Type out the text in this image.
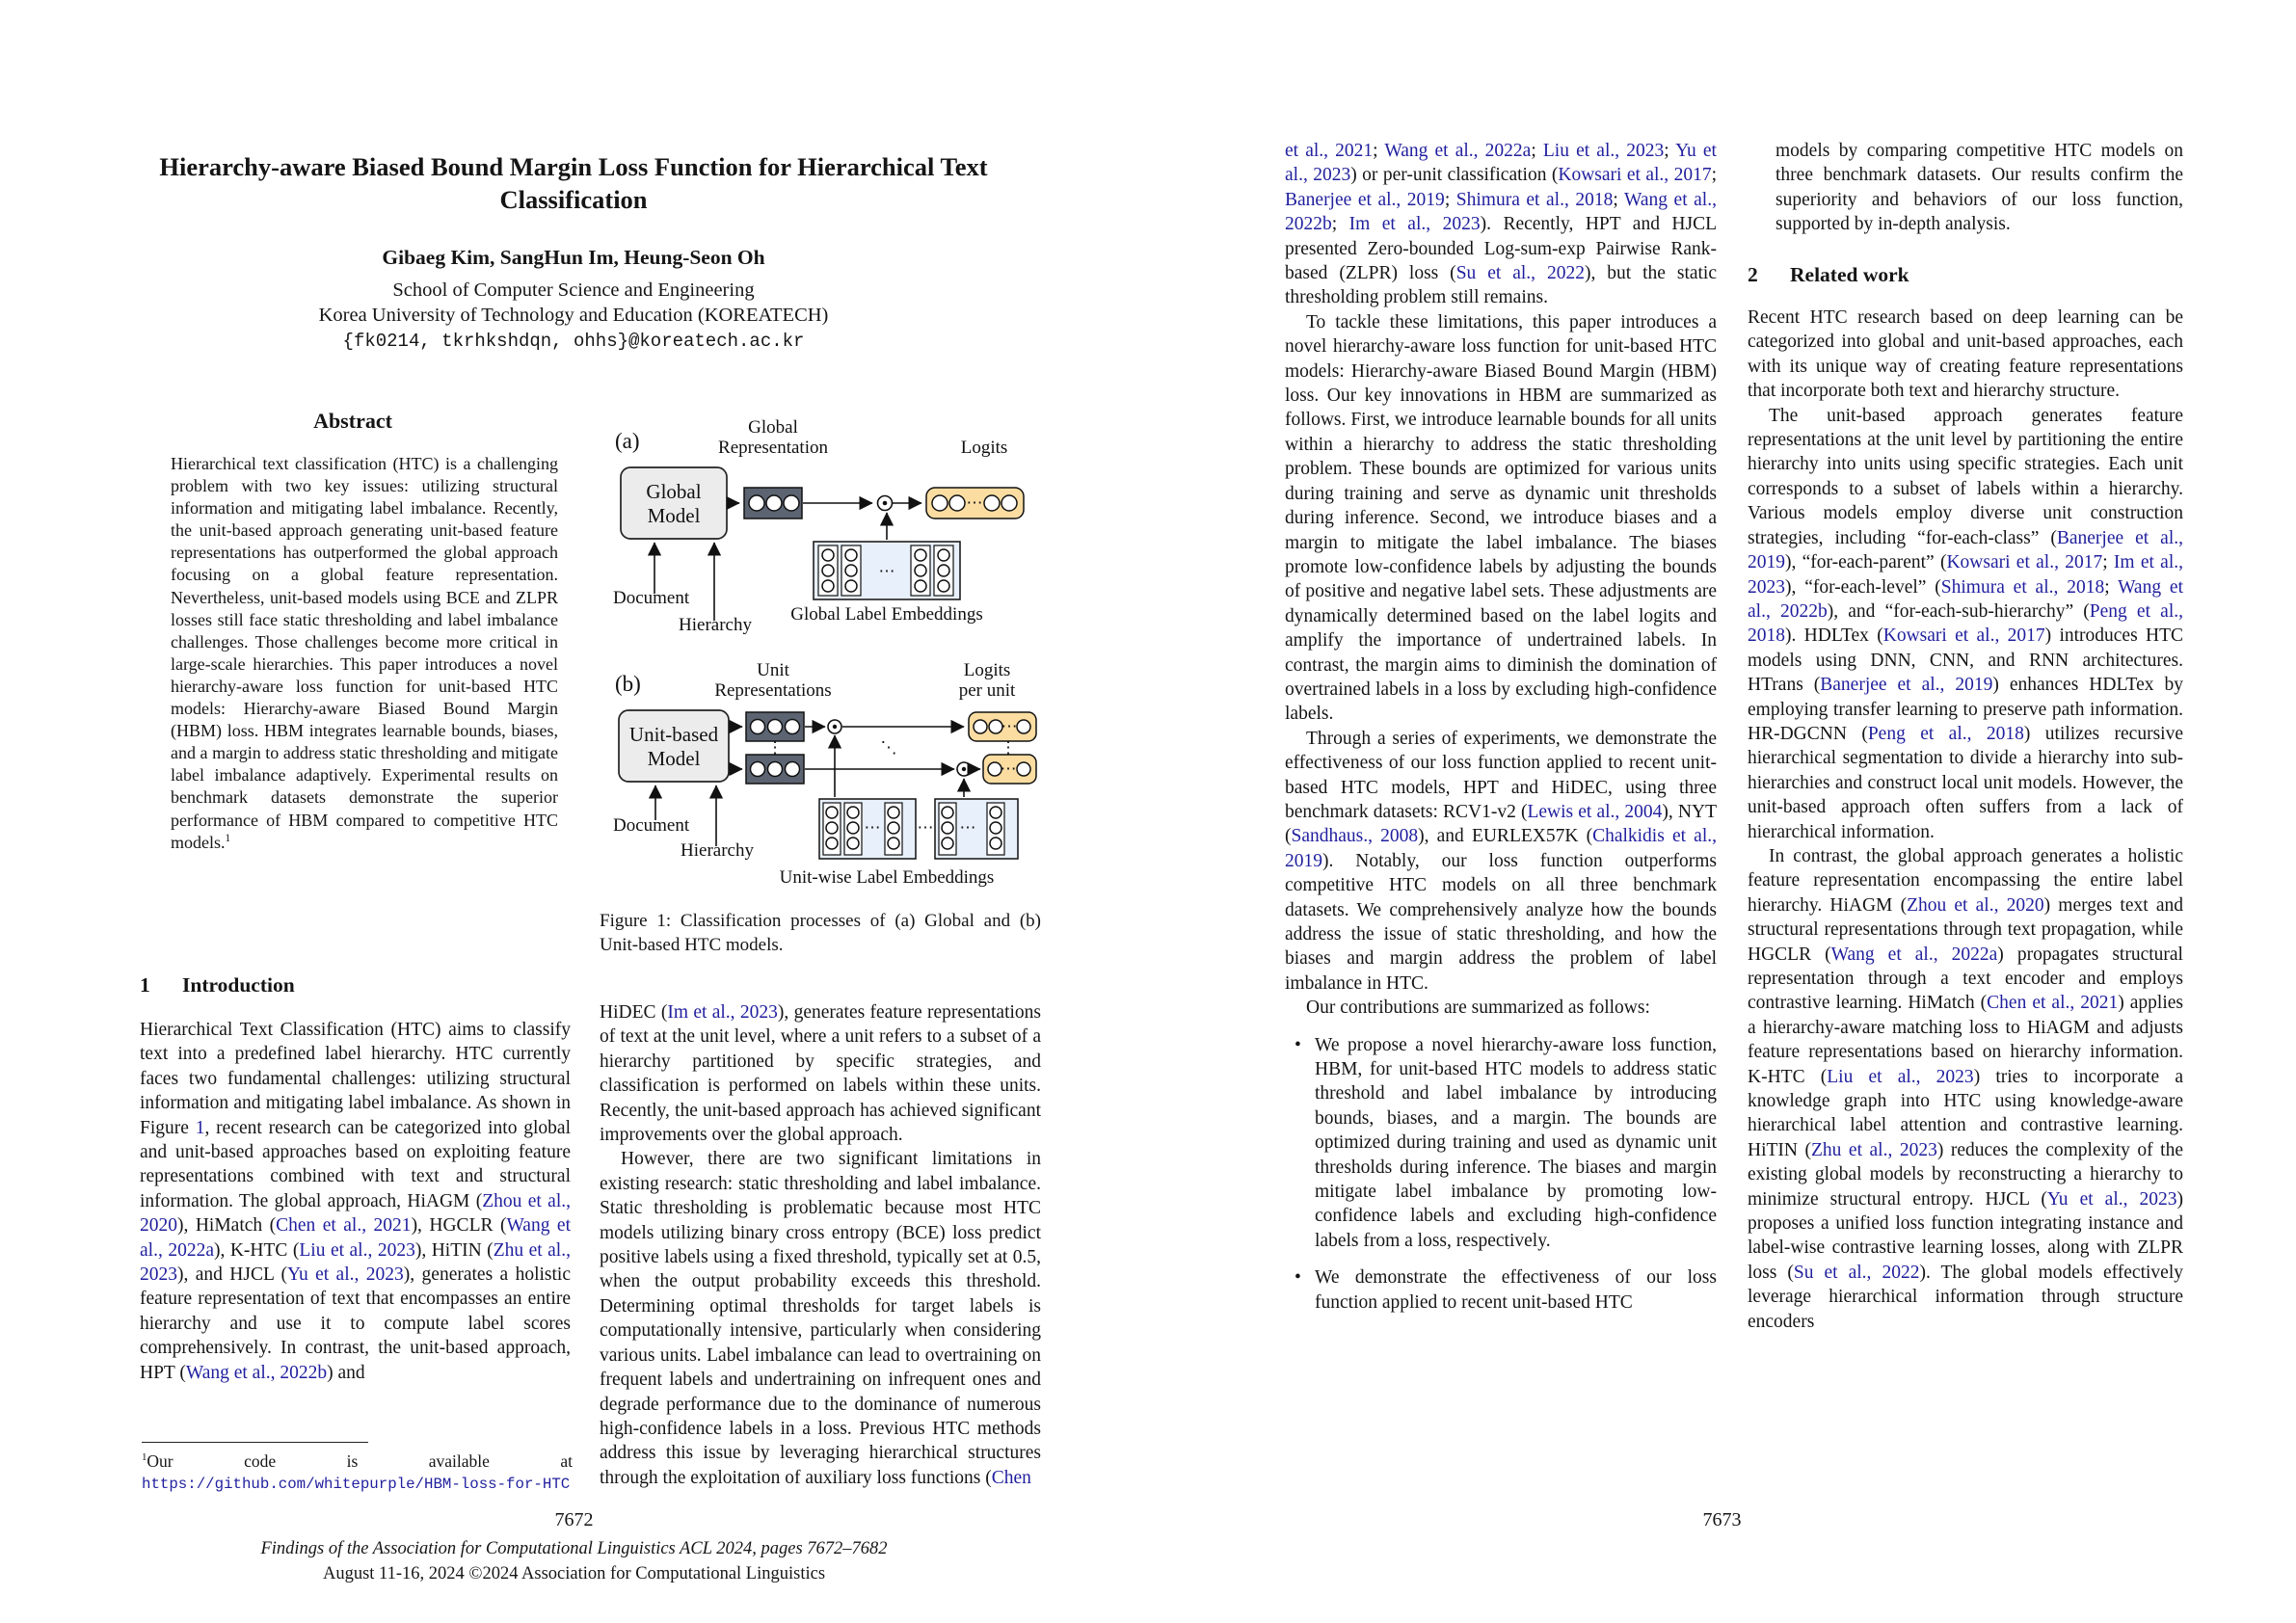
Hierarchy-aware Biased Bound Margin Loss Function for Hierarchical Text Classification
Gibaeg Kim, SangHun Im, Heung-Seon Oh
School of Computer Science and Engineering
Korea University of Technology and Education (KOREATECH)
{fk0214, tkrhkshdqn, ohhs}@koreatech.ac.kr
Abstract

Hierarchical text classification (HTC) is a challenging problem with two key issues: utilizing structural information and mitigating label imbalance. Recently, the unit-based approach generating unit-based feature representations has outperformed the global approach focusing on a global feature representation. Nevertheless, unit-based models using BCE and ZLPR losses still face static thresholding and label imbalance challenges. Those challenges become more critical in large-scale hierarchies. This paper introduces a novel hierarchy-aware loss function for unit-based HTC models: Hierarchy-aware Biased Bound Margin (HBM) loss. HBM integrates learnable bounds, biases, and a margin to address static thresholding and mitigate label imbalance adaptively. Experimental results on benchmark datasets demonstrate the superior performance of HBM compared to competitive HTC models.$^1$

1 Introduction

Hierarchical Text Classification (HTC) aims to classify text into a predefined label hierarchy. HTC currently faces two fundamental challenges: utilizing structural information and mitigating label imbalance. As shown in Figure 1, recent research can be categorized into global and unit-based approaches based on exploiting feature representations combined with text and structural information. The global approach, HiAGM (Zhou et al., 2020), HiMatch (Chen et al., 2021), HGCLR (Wang et al., 2022a), K-HTC (Liu et al., 2023), HiTIN (Zhu et al., 2023), and HJCL (Yu et al., 2023), generates a holistic feature representation of text that encompasses an entire hierarchy and use it to compute label scores comprehensively. In contrast, the unit-based approach, HPT (Wang et al., 2022b) and

$^1$Our code is available at https://github.com/whitepurple/HBM-loss-for-HTC

(a)
Global
Representation	Logits
Global
Model
⋯
⋯
Global Label Embeddings
Document
Hierarchy
(b)
Unit
Representations
Logits
per unit
Unit-based
Model	⋮
⋯
⋱
⋯
⋮
⋯ ⋯ ⋯
Unit-wise Label Embeddings
Document
Hierarchy

Figure 1: Classification processes of (a) Global and (b) Unit-based HTC models.

HiDEC (Im et al., 2023), generates feature representations of text at the unit level, where a unit refers to a subset of a hierarchy partitioned by specific strategies, and classification is performed on labels within these units. Recently, the unit-based approach has achieved significant improvements over the global approach.

However, there are two significant limitations in existing research: static thresholding and label imbalance. Static thresholding is problematic because most HTC models utilizing binary cross entropy (BCE) loss predict positive labels using a fixed threshold, typically set at 0.5, when the output probability exceeds this threshold. Determining optimal thresholds for target labels is computationally intensive, particularly when considering various units. Label imbalance can lead to overtraining on frequent labels and undertraining on infrequent ones and degrade performance due to the dominance of numerous high-confidence labels in a loss. Previous HTC methods address this issue by leveraging hierarchical structures through the exploitation of auxiliary loss functions (Chen

7672
Findings of the Association for Computational Linguistics ACL 2024, pages 7672–7682
August 11-16, 2024 ©2024 Association for Computational Linguistics

et al., 2021; Wang et al., 2022a; Liu et al., 2023; Yu et al., 2023) or per-unit classification (Kowsari et al., 2017; Banerjee et al., 2019; Shimura et al., 2018; Wang et al., 2022b; Im et al., 2023). Recently, HPT and HJCL presented Zero-bounded Log-sum-exp Pairwise Rank-based (ZLPR) loss (Su et al., 2022), but the static thresholding problem still remains.

To tackle these limitations, this paper introduces a novel hierarchy-aware loss function for unit-based HTC models: Hierarchy-aware Biased Bound Margin (HBM) loss. Our key innovations in HBM are summarized as follows. First, we introduce learnable bounds for all units within a hierarchy to address the static thresholding problem. These bounds are optimized for various units during training and serve as dynamic unit thresholds during inference. Second, we introduce biases and a margin to mitigate the label imbalance. The biases promote low-confidence labels by adjusting the bounds of positive and negative label sets. These adjustments are dynamically determined based on the label logits and amplify the importance of undertrained labels. In contrast, the margin aims to diminish the domination of overtrained labels in a loss by excluding high-confidence labels.

Through a series of experiments, we demonstrate the effectiveness of our loss function applied to recent unit-based HTC models, HPT and HiDEC, using three benchmark datasets: RCV1-v2 (Lewis et al., 2004), NYT (Sandhaus., 2008), and EURLEX57K (Chalkidis et al., 2019). Notably, our loss function outperforms competitive HTC models on all three benchmark datasets. We comprehensively analyze how the bounds address the issue of static thresholding, and how the biases and margin address the problem of label imbalance in HTC.

Our contributions are summarized as follows:

• We propose a novel hierarchy-aware loss function, HBM, for unit-based HTC models to address static threshold and label imbalance by introducing bounds, biases, and a margin. The bounds are optimized during training and used as dynamic unit thresholds during inference. The biases and margin mitigate label imbalance by promoting low-confidence labels and excluding high-confidence labels from a loss, respectively.

• We demonstrate the effectiveness of our loss function applied to recent unit-based HTC

models by comparing competitive HTC models on three benchmark datasets. Our results confirm the superiority and behaviors of our loss function, supported by in-depth analysis.

2 Related work

Recent HTC research based on deep learning can be categorized into global and unit-based approaches, each with its unique way of creating feature representations that incorporate both text and hierarchy structure.

The unit-based approach generates feature representations at the unit level by partitioning the entire hierarchy into units using specific strategies. Each unit corresponds to a subset of labels within a hierarchy. Various models employ diverse unit construction strategies, including “for-each-class” (Banerjee et al., 2019), “for-each-parent” (Kowsari et al., 2017; Im et al., 2023), “for-each-level” (Shimura et al., 2018; Wang et al., 2022b), and “for-each-sub-hierarchy” (Peng et al., 2018). HDLTex (Kowsari et al., 2017) introduces HTC models using DNN, CNN, and RNN architectures. HTrans (Banerjee et al., 2019) enhances HDLTex by employing transfer learning to preserve path information. HR-DGCNN (Peng et al., 2018) utilizes recursive hierarchical segmentation to divide a hierarchy into sub-hierarchies and construct local unit models. However, the unit-based approach often suffers from a lack of hierarchical information.

In contrast, the global approach generates a holistic feature representation encompassing the entire label hierarchy. HiAGM (Zhou et al., 2020) merges text and structural representations through text propagation, while HGCLR (Wang et al., 2022a) propagates structural representation through a text encoder and employs contrastive learning. HiMatch (Chen et al., 2021) applies a hierarchy-aware matching loss to HiAGM and adjusts feature representations based on hierarchy information. K-HTC (Liu et al., 2023) tries to incorporate a knowledge graph into HTC using knowledge-aware hierarchical label attention and contrastive learning. HiTIN (Zhu et al., 2023) reduces the complexity of the existing global models by reconstructing a hierarchy to minimize structural entropy. HJCL (Yu et al., 2023) proposes a unified loss function integrating instance and label-wise contrastive learning losses, along with ZLPR loss (Su et al., 2022). The global models effectively leverage hierarchical information through structure encoders

7673
